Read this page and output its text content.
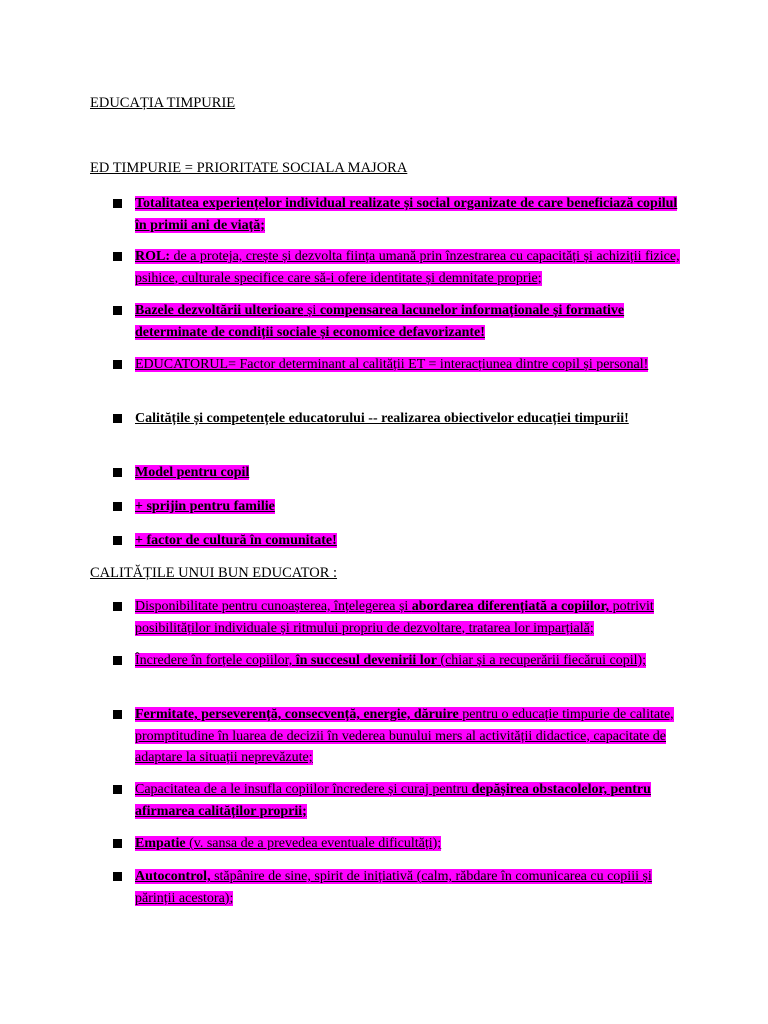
EDUCAȚIA TIMPURIE
ED TIMPURIE = PRIORITATE SOCIALA MAJORA
Totalitatea experiențelor individual realizate și social organizate de care beneficiază copilul în primii ani de viață;
ROL: de a proteja, crește și dezvolta ființa umană prin înzestrarea cu capacități și achiziții fizice, psihice, culturale specifice care să-i ofere identitate și demnitate proprie;
Bazele dezvoltării ulterioare și compensarea lacunelor informaționale și formative determinate de condiții sociale și economice defavorizante!
EDUCATORUL= Factor determinant al calității ET = interacțiunea dintre copil și personal!
Calitățile și competențele educatorului -- realizarea obiectivelor educației timpurii!
Model pentru copil
+ sprijin pentru familie
+ factor de cultură în comunitate!
CALITĂȚILE UNUI BUN EDUCATOR :
Disponibilitate pentru cunoașterea, înțelegerea și abordarea diferențiată a copiilor, potrivit posibilităților individuale și ritmului propriu de dezvoltare, tratarea lor imparțială;
Încredere în forțele copiilor, în succesul devenirii lor (chiar și a recuperării fiecărui copil);
Fermitate, perseverență, consecvență, energie, dăruire pentru o educație timpurie de calitate, promptitudine în luarea de decizii în vederea bunului mers al activității didactice, capacitate de adaptare la situații neprevăzute;
Capacitatea de a le insufla copiilor încredere și curaj pentru depășirea obstacolelor, pentru afirmarea calităților proprii;
Empatie (v. sansa de a prevedea eventuale dificultăți);
Autocontrol, stăpânire de sine, spirit de inițiativă (calm, răbdare în comunicarea cu copiii și părinții acestora);
